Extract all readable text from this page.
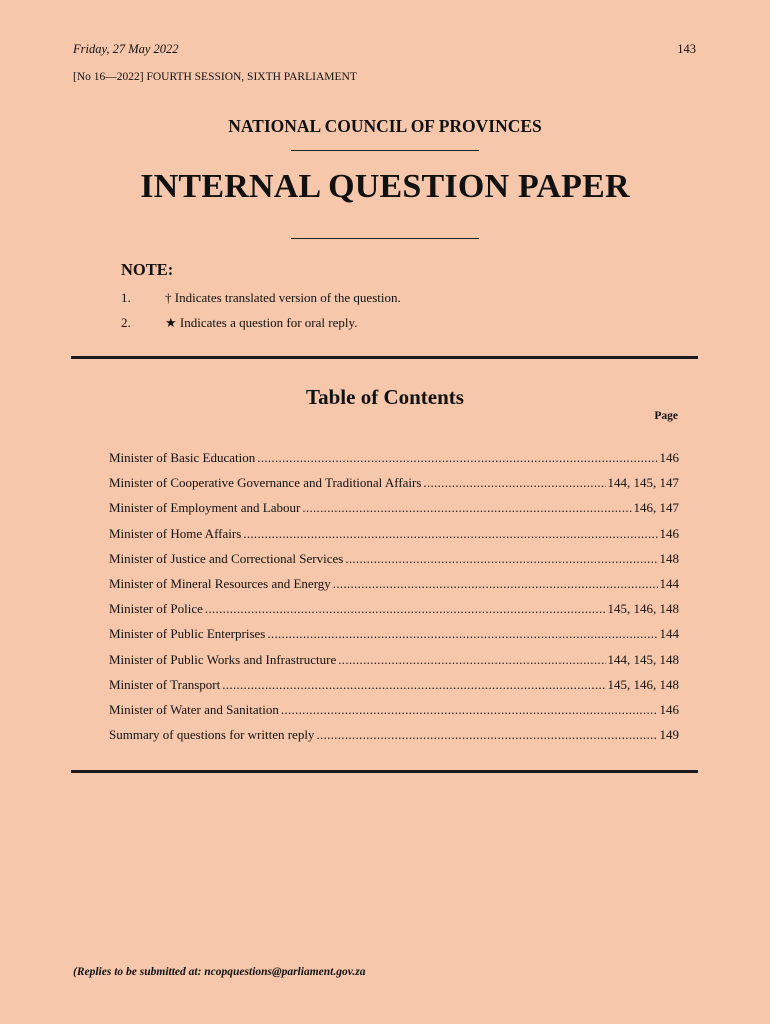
Friday, 27 May 2022	143
[No 16—2022] FOURTH SESSION, SIXTH PARLIAMENT
NATIONAL COUNCIL OF PROVINCES
INTERNAL QUESTION PAPER
NOTE:
1.	† Indicates translated version of the question.
2.	★ Indicates a question for oral reply.
Table of Contents
Page
Minister of Basic Education .....	146
Minister of Cooperative Governance and Traditional Affairs .....	144, 145, 147
Minister of Employment and Labour .....	146, 147
Minister of Home Affairs .....	146
Minister of Justice and Correctional Services .....	148
Minister of Mineral Resources and Energy .....	144
Minister of Police .....	145, 146, 148
Minister of Public Enterprises .....	144
Minister of Public Works and Infrastructure .....	144, 145, 148
Minister of Transport .....	145, 146, 148
Minister of Water and Sanitation .....	146
Summary of questions for written reply .....	149
(Replies to be submitted at: ncopquestions@parliament.gov.za
